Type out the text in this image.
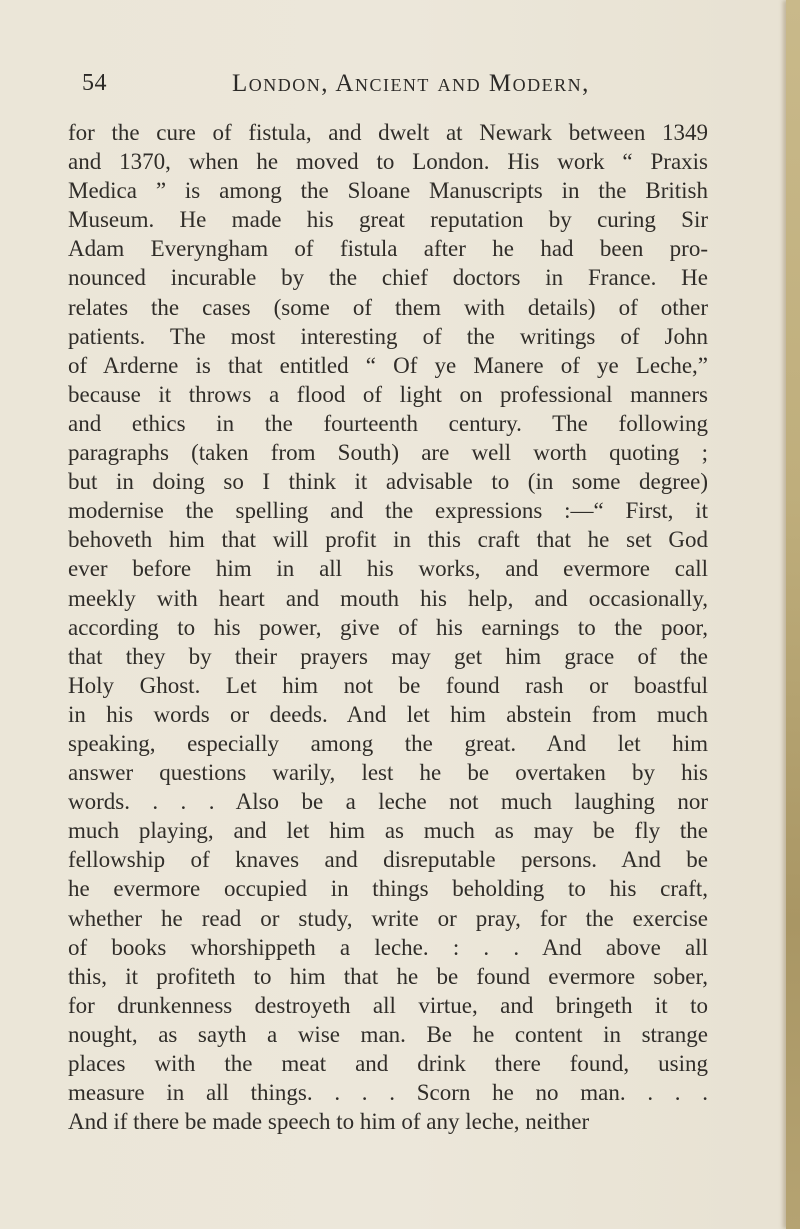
54	London, Ancient and Modern,
for the cure of fistula, and dwelt at Newark between 1349
and 1370, when he moved to London. His work “ Praxis
Medica ” is among the Sloane Manuscripts in the British
Museum. He made his great reputation by curing Sir
Adam Everyngham of fistula after he had been pro-
nounced incurable by the chief doctors in France. He
relates the cases (some of them with details) of other
patients. The most interesting of the writings of John
of Arderne is that entitled “ Of ye Manere of ye Leche,”
because it throws a flood of light on professional manners
and ethics in the fourteenth century. The following
paragraphs (taken from South) are well worth quoting ;
but in doing so I think it advisable to (in some degree)
modernise the spelling and the expressions :—“ First, it
behoveth him that will profit in this craft that he set God
ever before him in all his works, and evermore call
meekly with heart and mouth his help, and occasionally,
according to his power, give of his earnings to the poor,
that they by their prayers may get him grace of the
Holy Ghost. Let him not be found rash or boastful
in his words or deeds. And let him abstein from much
speaking, especially among the great. And let him
answer questions warily, lest he be overtaken by his
words. . . . Also be a leche not much laughing nor
much playing, and let him as much as may be fly the
fellowship of knaves and disreputable persons. And be
he evermore occupied in things beholding to his craft,
whether he read or study, write or pray, for the exercise
of books whorshippeth a leche. : . . And above all
this, it profiteth to him that he be found evermore sober,
for drunkenness destroyeth all virtue, and bringeth it to
nought, as sayth a wise man. Be he content in strange
places with the meat and drink there found, using
measure in all things. . . . Scorn he no man. . . .
And if there be made speech to him of any leche, neither
